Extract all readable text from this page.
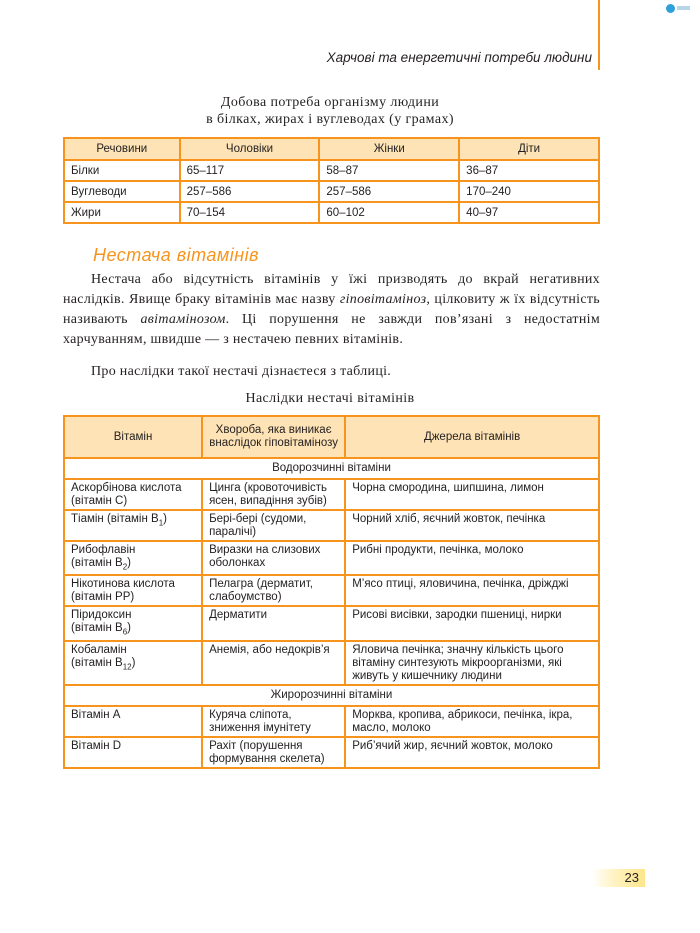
Харчові та енергетичні потреби людини
Добова потреба організму людини
в білках, жирах і вуглеводах (у грамах)
Речовини	Чоловіки	Жінки	Діти
Білки	65–117	58–87	36–87
Вуглеводи	257–586	257–586	170–240
Жири	70–154	60–102	40–97
Нестача вітамінів
Нестача або відсутність вітамінів у їжі призводять до вкрай негативних наслідків. Явище браку вітамінів має назву гіповітаміноз, цілковиту ж їх відсутність називають авітамінозом. Ці порушення не завжди пов’язані з недостатнім харчуванням, швидше — з нестачею певних вітамінів.
Про наслідки такої нестачі дізнаєтеся з таблиці.
Наслідки нестачі вітамінів
Вітамін	Хвороба, яка виникає внаслідок гіповітамінозу	Джерела вітамінів
Водорозчинні вітаміни		

Аскорбінова кислота
(вітамін С)	Цинга (кровоточивість ясен, випадіння зубів)	Чорна смородина, шипшина, лимон
Тіамін (вітамін $B_1$)	Бері-бері (судоми, паралічі)	Чорний хліб, яєчний жовток, печінка

Рибофлавін
(вітамін $B_2$)	Виразки на слизових оболонках	Рибні продукти, печінка, молоко

Нікотинова кислота
(вітамін PP)	Пелагра (дерматит, слабоумство)	М’ясо птиці, яловичина, печінка, дріжджі

Піридоксин
(вітамін $B_6$)	Дерматити	Рисові висівки, зародки пшениці, нирки

Кобаламін
(вітамін $B_{12}$)	Анемія, або недокрів’я	Яловича печінка; значну кількість цього вітаміну синтезують мікроорганізми, які живуть у кишечнику людини
Жиророзчинні вітаміни		
Вітамін А	Куряча сліпота, зниження імунітету	Морква, кропива, абрикоси, печінка, ікра, масло, молоко
Вітамін D	Рахіт (порушення формування скелета)	Риб’ячий жир, яєчний жовток, молоко
23
